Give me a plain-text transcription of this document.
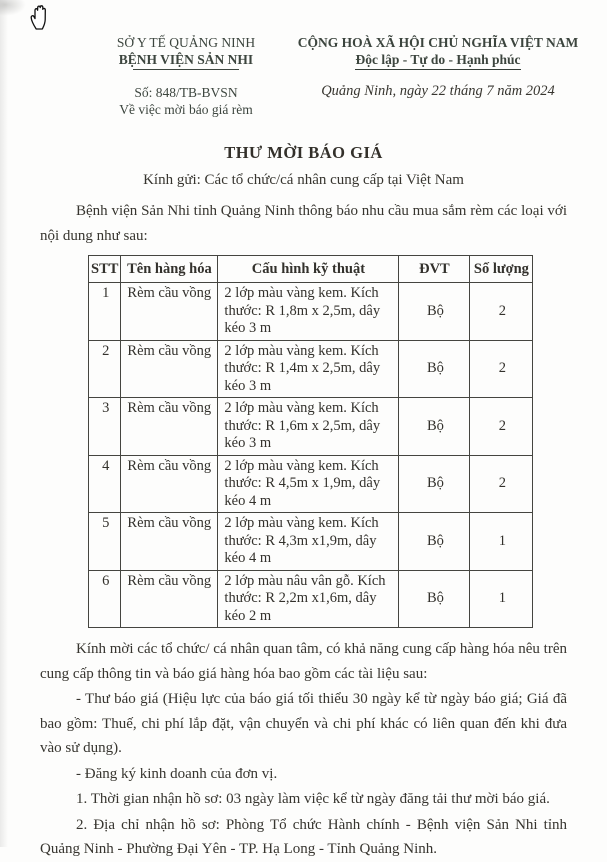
SỞ Y TẾ QUẢNG NINH
BỆNH VIỆN SẢN NHI
Số: 848/TB-BVSN
Về việc mời báo giá rèm
CỘNG HOÀ XÃ HỘI CHỦ NGHĨA VIỆT NAM
Độc lập - Tự do - Hạnh phúc
Quảng Ninh, ngày 22 tháng 7 năm 2024
THƯ MỜI BÁO GIÁ
Kính gửi: Các tổ chức/cá nhân cung cấp tại Việt Nam
Bệnh viện Sản Nhi tỉnh Quảng Ninh thông báo nhu cầu mua sắm rèm các loại với nội dung như sau:
STT	Tên hàng hóa	Cấu hình kỹ thuật	ĐVT	Số lượng
1	Rèm cầu vồng	2 lớp màu vàng kem. Kích thước: R 1,8m x 2,5m, dây kéo 3 m	Bộ	2
2	Rèm cầu vồng	2 lớp màu vàng kem. Kích thước: R 1,4m x 2,5m, dây kéo 3 m	Bộ	2
3	Rèm cầu vồng	2 lớp màu vàng kem. Kích thước: R 1,6m x 2,5m, dây kéo 3 m	Bộ	2
4	Rèm cầu vồng	2 lớp màu vàng kem. Kích thước: R 4,5m x 1,9m, dây kéo 4 m	Bộ	2
5	Rèm cầu vồng	2 lớp màu vàng kem. Kích thước: R 4,3m x1,9m, dây kéo 4 m	Bộ	1
6	Rèm cầu vồng	2 lớp màu nâu vân gỗ. Kích thước: R 2,2m x1,6m, dây kéo 2 m	Bộ	1

Kính mời các tổ chức/ cá nhân quan tâm, có khả năng cung cấp hàng hóa nêu trên cung cấp thông tin và báo giá hàng hóa bao gồm các tài liệu sau:

- Thư báo giá (Hiệu lực của báo giá tối thiểu 30 ngày kể từ ngày báo giá; Giá đã bao gồm: Thuế, chi phí lắp đặt, vận chuyển và chi phí khác có liên quan đến khi đưa vào sử dụng).

- Đăng ký kinh doanh của đơn vị.

1. Thời gian nhận hồ sơ: 03 ngày làm việc kể từ ngày đăng tải thư mời báo giá.

2. Địa chỉ nhận hồ sơ: Phòng Tổ chức Hành chính - Bệnh viện Sản Nhi tỉnh Quảng Ninh - Phường Đại Yên - TP. Hạ Long - Tỉnh Quảng Ninh.
